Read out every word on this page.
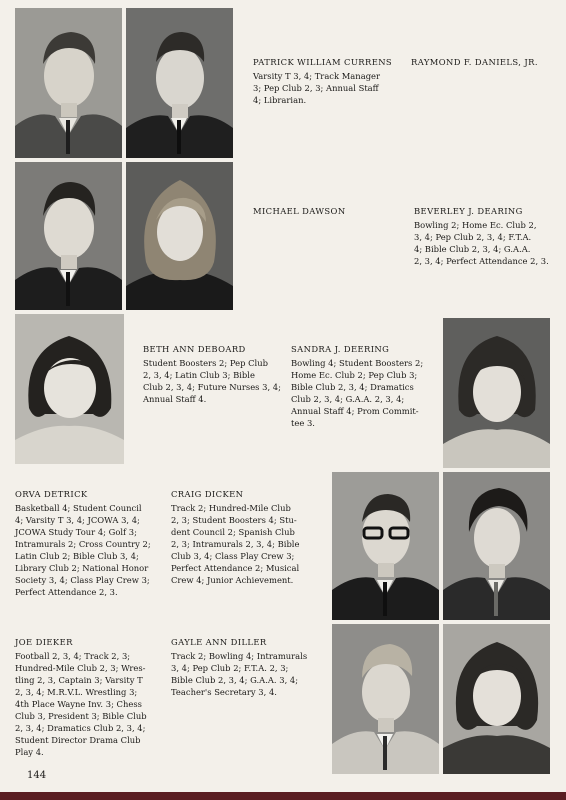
PATRICK WILLIAM CURRENS

Varsity T 3, 4; Track Manager
3; Pep Club 2, 3; Annual Staff
4; Librarian.

RAYMOND F. DANIELS, JR.

MICHAEL DAWSON	BEVERLEY J. DEARING

Bowling 2; Home Ec. Club 2,
3, 4; Pep Club 2, 3, 4; F.T.A.
4; Bible Club 2, 3, 4; G.A.A.
2, 3, 4; Perfect Attendance 2, 3.

BETH ANN DEBOARD

Student Boosters 2; Pep Club
2, 3, 4; Latin Club 3; Bible
Club 2, 3, 4; Future Nurses 3, 4;
Annual Staff 4.

SANDRA J. DEERING

Bowling 4; Student Boosters 2;
Home Ec. Club 2; Pep Club 3;
Bible Club 2, 3, 4; Dramatics
Club 2, 3, 4; G.A.A. 2, 3, 4;
Annual Staff 4; Prom Commit-
tee 3.

ORVA DETRICK

Basketball 4; Student Council
4; Varsity T 3, 4; JCOWA 3, 4;
JCOWA Study Tour 4; Golf 3;
Intramurals 2; Cross Country 2;
Latin Club 2; Bible Club 3, 4;
Library Club 2; National Honor
Society 3, 4; Class Play Crew 3;
Perfect Attendance 2, 3.

CRAIG DICKEN

Track 2; Hundred-Mile Club
2, 3; Student Boosters 4; Stu-
dent Council 2; Spanish Club
2, 3; Intramurals 2, 3, 4; Bible
Club 3, 4; Class Play Crew 3;
Perfect Attendance 2; Musical
Crew 4; Junior Achievement.

JOE DIEKER

Football 2, 3, 4; Track 2, 3;
Hundred-Mile Club 2, 3; Wres-
tling 2, 3, Captain 3; Varsity T
2, 3, 4; M.R.V.L. Wrestling 3;
4th Place Wayne Inv. 3; Chess
Club 3, President 3; Bible Club
2, 3, 4; Dramatics Club 2, 3, 4;
Student Director Drama Club
Play 4.

GAYLE ANN DILLER

Track 2; Bowling 4; Intramurals
3, 4; Pep Club 2; F.T.A. 2, 3;
Bible Club 2, 3, 4; G.A.A. 3, 4;
Teacher's Secretary 3, 4.

144
